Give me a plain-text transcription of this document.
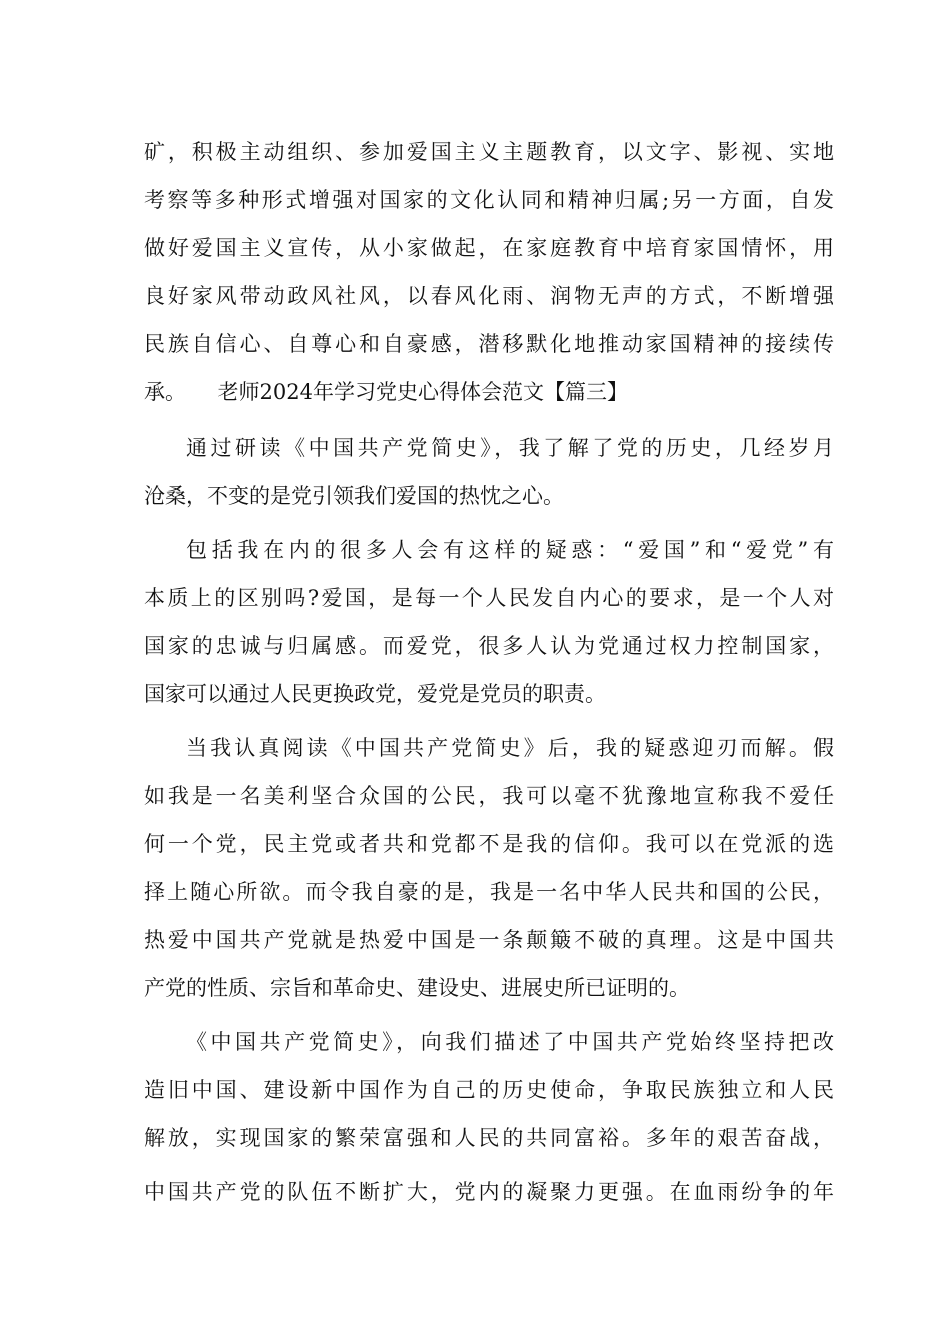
矿，积极主动组织、参加爱国主义主题教育，以文字、影视、实地
考察等多种形式增强对国家的文化认同和精神归属;另一方面，自发
做好爱国主义宣传，从小家做起，在家庭教育中培育家国情怀，用
良好家风带动政风社风，以春风化雨、润物无声的方式，不断增强
民族自信心、自尊心和自豪感，潜移默化地推动家国精神的接续传
承。　　老师2024年学习党史心得体会范文【篇三】
通过研读《中国共产党简史》，我了解了党的历史，几经岁月
沧桑，不变的是党引领我们爱国的热忱之心。
包括我在内的很多人会有这样的疑惑：“爱国”和“爱党”有
本质上的区别吗?爱国，是每一个人民发自内心的要求，是一个人对
国家的忠诚与归属感。而爱党，很多人认为党通过权力控制国家，
国家可以通过人民更换政党，爱党是党员的职责。
当我认真阅读《中国共产党简史》后，我的疑惑迎刃而解。假
如我是一名美利坚合众国的公民，我可以毫不犹豫地宣称我不爱任
何一个党，民主党或者共和党都不是我的信仰。我可以在党派的选
择上随心所欲。而令我自豪的是，我是一名中华人民共和国的公民，
热爱中国共产党就是热爱中国是一条颠簸不破的真理。这是中国共
产党的性质、宗旨和革命史、建设史、进展史所已证明的。
《中国共产党简史》，向我们描述了中国共产党始终坚持把改
造旧中国、建设新中国作为自己的历史使命，争取民族独立和人民
解放，实现国家的繁荣富强和人民的共同富裕。多年的艰苦奋战，
中国共产党的队伍不断扩大，党内的凝聚力更强。在血雨纷争的年
